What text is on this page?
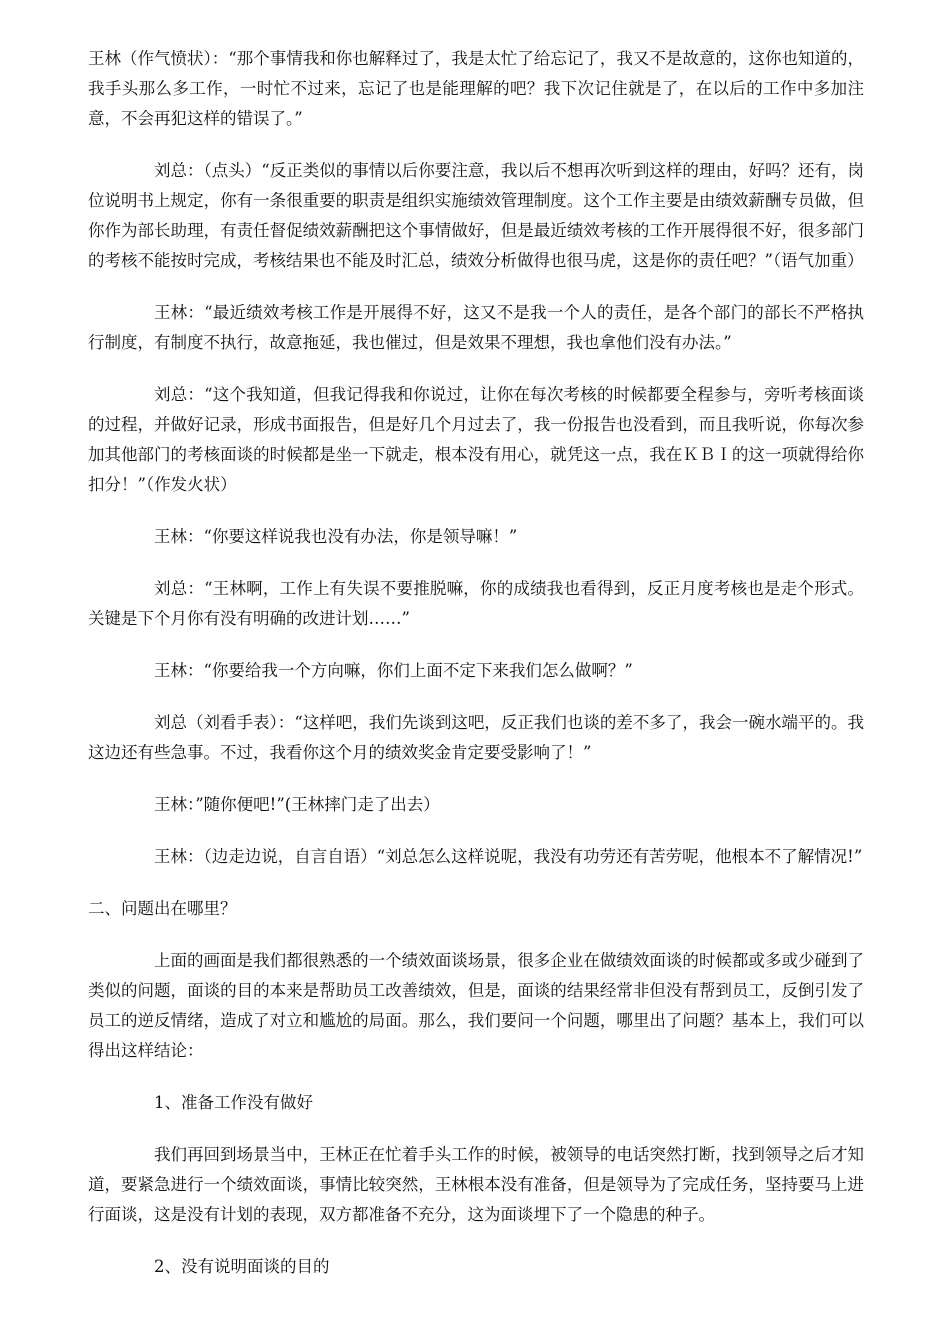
王林（作气愤状）：“那个事情我和你也解释过了，我是太忙了给忘记了，我又不是故意的，这你也知道的，我手头那么多工作，一时忙不过来，忘记了也是能理解的吧？我下次记住就是了，在以后的工作中多加注意，不会再犯这样的错误了。”

刘总：（点头）“反正类似的事情以后你要注意，我以后不想再次听到这样的理由，好吗？还有，岗位说明书上规定，你有一条很重要的职责是组织实施绩效管理制度。这个工作主要是由绩效薪酬专员做，但你作为部长助理，有责任督促绩效薪酬把这个事情做好，但是最近绩效考核的工作开展得很不好，很多部门的考核不能按时完成，考核结果也不能及时汇总，绩效分析做得也很马虎，这是你的责任吧？”（语气加重）

王林：“最近绩效考核工作是开展得不好，这又不是我一个人的责任，是各个部门的部长不严格执行制度，有制度不执行，故意拖延，我也催过，但是效果不理想，我也拿他们没有办法。”

刘总：“这个我知道，但我记得我和你说过，让你在每次考核的时候都要全程参与，旁听考核面谈的过程，并做好记录，形成书面报告，但是好几个月过去了，我一份报告也没看到，而且我听说，你每次参加其他部门的考核面谈的时候都是坐一下就走，根本没有用心，就凭这一点，我在ＫＢＩ的这一项就得给你扣分！”（作发火状）

王林：“你要这样说我也没有办法，你是领导嘛！”

刘总：“王林啊，工作上有失误不要推脱嘛，你的成绩我也看得到，反正月度考核也是走个形式。关键是下个月你有没有明确的改进计划……”

王林：“你要给我一个方向嘛，你们上面不定下来我们怎么做啊？”

刘总（刘看手表）：“这样吧，我们先谈到这吧，反正我们也谈的差不多了，我会一碗水端平的。我这边还有些急事。不过，我看你这个月的绩效奖金肯定要受影响了！”

王林：”随你便吧!”(王林摔门走了出去）

王林：（边走边说，自言自语）“刘总怎么这样说呢，我没有功劳还有苦劳呢，他根本不了解情况!”

二、问题出在哪里？

上面的画面是我们都很熟悉的一个绩效面谈场景，很多企业在做绩效面谈的时候都或多或少碰到了类似的问题，面谈的目的本来是帮助员工改善绩效，但是，面谈的结果经常非但没有帮到员工，反倒引发了员工的逆反情绪，造成了对立和尴尬的局面。那么，我们要问一个问题，哪里出了问题？基本上，我们可以得出这样结论：

1、准备工作没有做好

我们再回到场景当中，王林正在忙着手头工作的时候，被领导的电话突然打断，找到领导之后才知道，要紧急进行一个绩效面谈，事情比较突然，王林根本没有准备，但是领导为了完成任务，坚持要马上进行面谈，这是没有计划的表现，双方都准备不充分，这为面谈埋下了一个隐患的种子。

2、没有说明面谈的目的
